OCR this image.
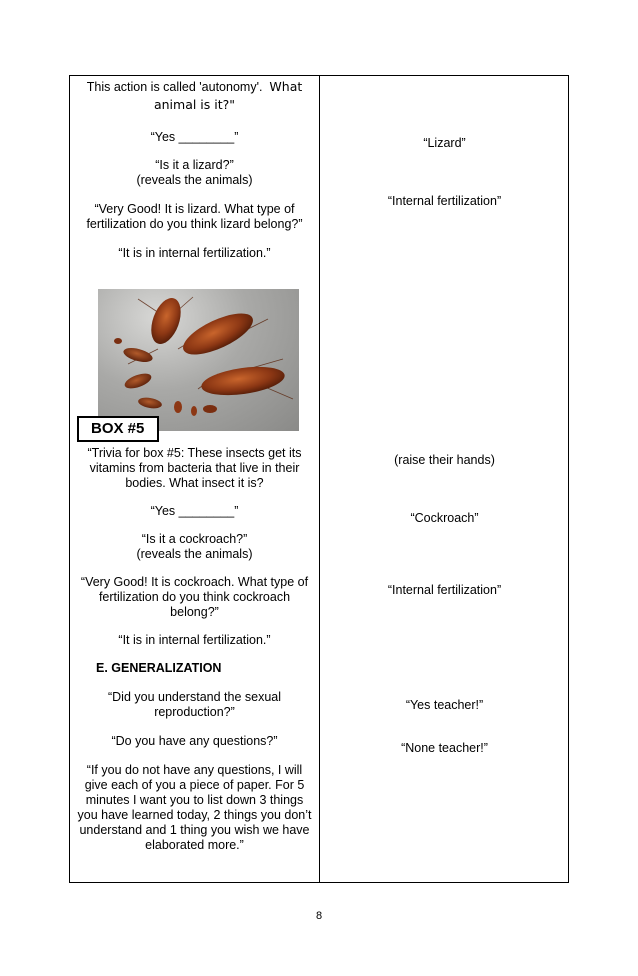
This action is called 'autonomy'. What
animal is it?"
“Yes ________”
“Is it a lizard?”
(reveals the animals)
“Very Good! It is lizard. What type of
fertilization do you think lizard belong?”
“It is in internal fertilization.”
BOX #5
“Trivia for box #5: These insects get its
vitamins from bacteria that live in their
bodies. What insect it is?
“Yes ________”
“Is it a cockroach?”
(reveals the animals)
“Very Good! It is cockroach. What type of
fertilization do you think cockroach
belong?”
“It is in internal fertilization.”
E. GENERALIZATION
“Did you understand the sexual
reproduction?”
“Do you have any questions?”
“If you do not have any questions, I will
give each of you a piece of paper. For 5
minutes I want you to list down 3 things
you have learned today, 2 things you don’t
understand and 1 thing you wish we have
elaborated more.”
“Lizard”
“Internal fertilization”
(raise their hands)
“Cockroach”
“Internal fertilization”
“Yes teacher!”
“None teacher!”
8
